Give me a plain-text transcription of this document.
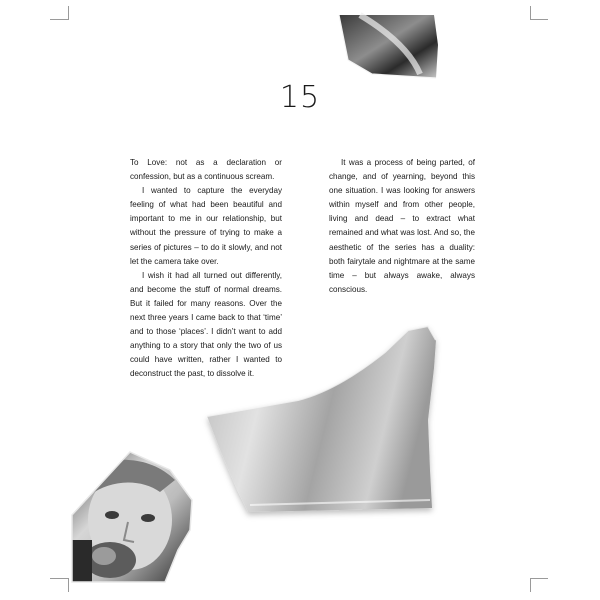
15

To Love: not as a declaration or confession, but as a continuous scream.

I wanted to capture the everyday feeling of what had been beautiful and important to me in our relationship, but without the pressure of trying to make a series of pictures – to do it slowly, and not let the camera take over.

I wish it had all turned out differently, and become the stuff of normal dreams. But it failed for many reasons. Over the next three years I came back to that ‘time’ and to those ‘places’. I didn’t want to add anything to a story that only the two of us could have written, rather I wanted to deconstruct the past, to dissolve it.

It was a process of being parted, of change, and of yearning, beyond this one situation. I was looking for answers within myself and from other people, living and dead – to extract what remained and what was lost. And so, the aesthetic of the series has a duality: both fairytale and nightmare at the same time – but always awake, always conscious.
